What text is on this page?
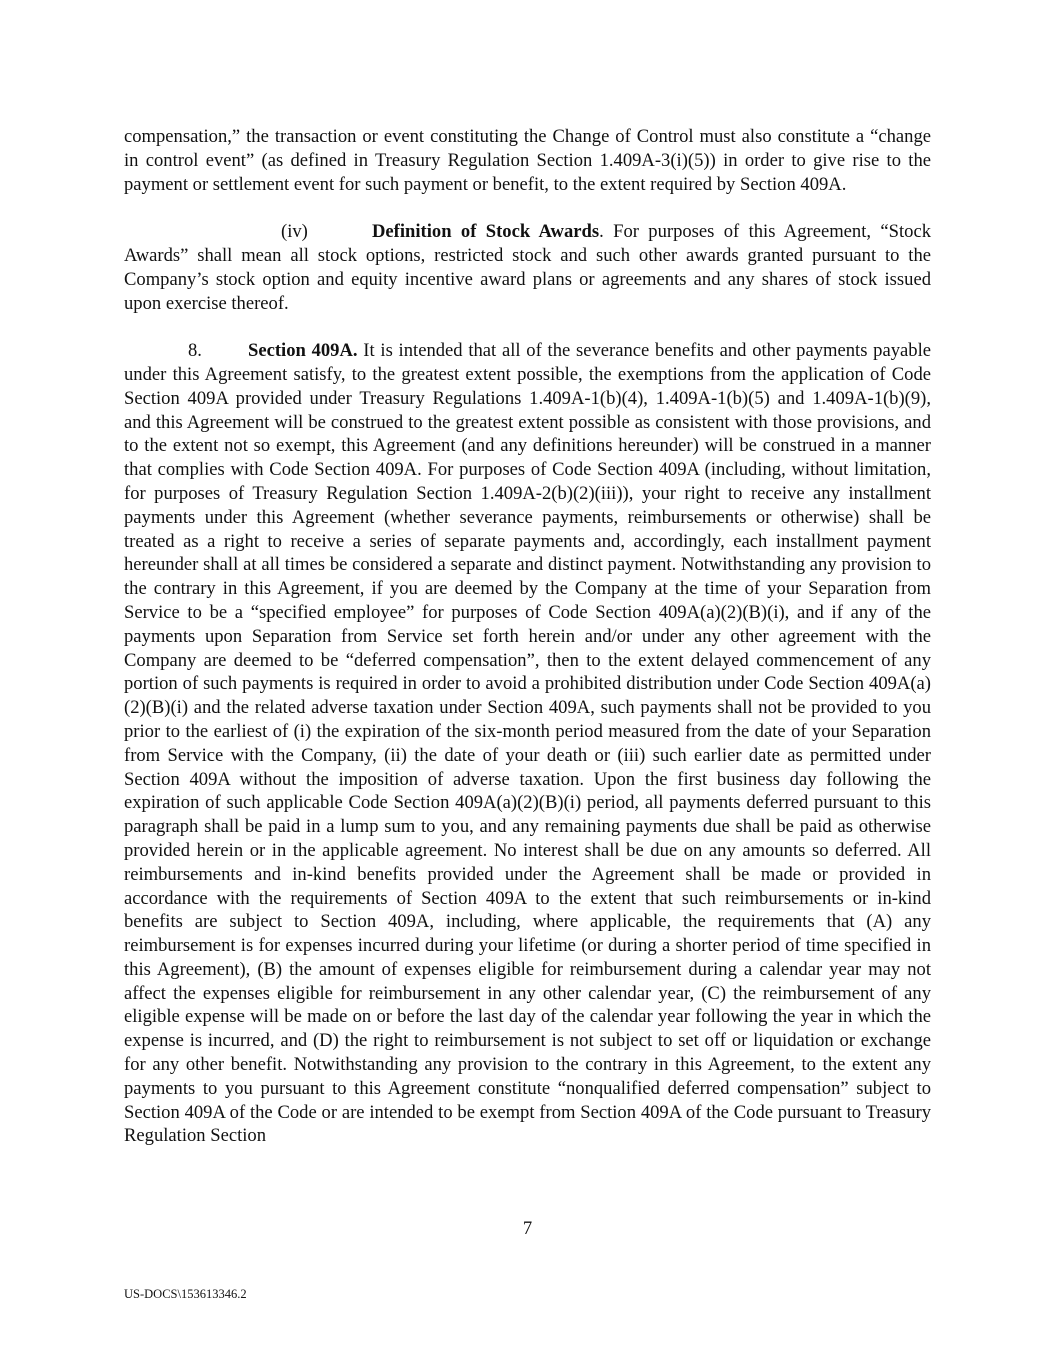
compensation,” the transaction or event constituting the Change of Control must also constitute a “change in control event” (as defined in Treasury Regulation Section 1.409A-3(i)(5)) in order to give rise to the payment or settlement event for such payment or benefit, to the extent required by Section 409A.

(iv)	Definition of Stock Awards. For purposes of this Agreement, “Stock Awards” shall mean all stock options, restricted stock and such other awards granted pursuant to the Company’s stock option and equity incentive award plans or agreements and any shares of stock issued upon exercise thereof.

8. Section 409A. It is intended that all of the severance benefits and other payments payable under this Agreement satisfy, to the greatest extent possible, the exemptions from the application of Code Section 409A provided under Treasury Regulations 1.409A-1(b)(4), 1.409A-1(b)(5) and 1.409A-1(b)(9), and this Agreement will be construed to the greatest extent possible as consistent with those provisions, and to the extent not so exempt, this Agreement (and any definitions hereunder) will be construed in a manner that complies with Code Section 409A. For purposes of Code Section 409A (including, without limitation, for purposes of Treasury Regulation Section 1.409A-2(b)(2)(iii)), your right to receive any installment payments under this Agreement (whether severance payments, reimbursements or otherwise) shall be treated as a right to receive a series of separate payments and, accordingly, each installment payment hereunder shall at all times be considered a separate and distinct payment. Notwithstanding any provision to the contrary in this Agreement, if you are deemed by the Company at the time of your Separation from Service to be a “specified employee” for purposes of Code Section 409A(a)(2)(B)(i), and if any of the payments upon Separation from Service set forth herein and/or under any other agreement with the Company are deemed to be “deferred compensation”, then to the extent delayed commencement of any portion of such payments is required in order to avoid a prohibited distribution under Code Section 409A(a)(2)(B)(i) and the related adverse taxation under Section 409A, such payments shall not be provided to you prior to the earliest of (i) the expiration of the six-month period measured from the date of your Separation from Service with the Company, (ii) the date of your death or (iii) such earlier date as permitted under Section 409A without the imposition of adverse taxation. Upon the first business day following the expiration of such applicable Code Section 409A(a)(2)(B)(i) period, all payments deferred pursuant to this paragraph shall be paid in a lump sum to you, and any remaining payments due shall be paid as otherwise provided herein or in the applicable agreement. No interest shall be due on any amounts so deferred. All reimbursements and in-kind benefits provided under the Agreement shall be made or provided in accordance with the requirements of Section 409A to the extent that such reimbursements or in-kind benefits are subject to Section 409A, including, where applicable, the requirements that (A) any reimbursement is for expenses incurred during your lifetime (or during a shorter period of time specified in this Agreement), (B) the amount of expenses eligible for reimbursement during a calendar year may not affect the expenses eligible for reimbursement in any other calendar year, (C) the reimbursement of any eligible expense will be made on or before the last day of the calendar year following the year in which the expense is incurred, and (D) the right to reimbursement is not subject to set off or liquidation or exchange for any other benefit. Notwithstanding any provision to the contrary in this Agreement, to the extent any payments to you pursuant to this Agreement constitute “nonqualified deferred compensation” subject to Section 409A of the Code or are intended to be exempt from Section 409A of the Code pursuant to Treasury Regulation Section

7
US-DOCS\153613346.2
